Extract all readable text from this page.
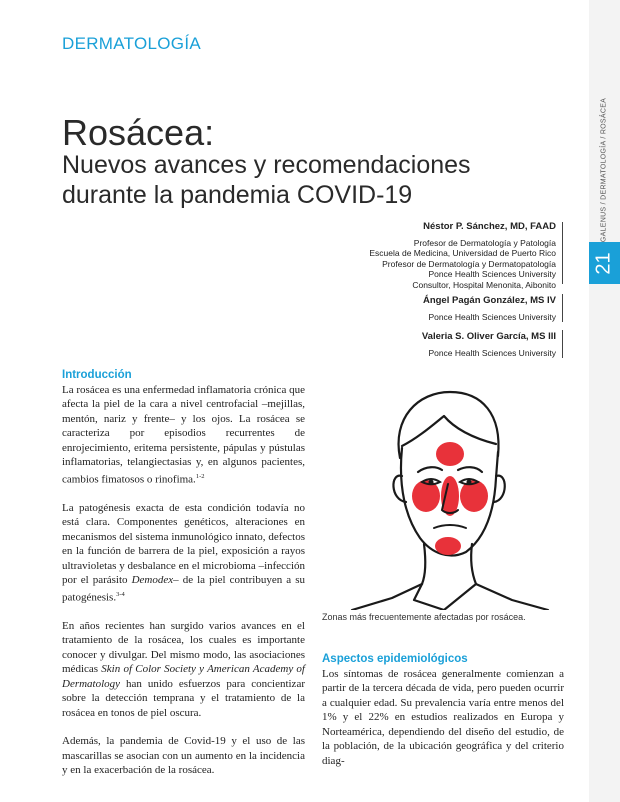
DERMATOLOGÍA
Rosácea:
Nuevos avances y recomendaciones durante la pandemia COVID-19
21
GALENUS / DERMATOLOGÍA / ROSÁCEA
Néstor P. Sánchez, MD, FAAD
Profesor de Dermatología y Patología
Escuela de Medicina, Universidad de Puerto Rico
Profesor de Dermatología y Dermatopatología
Ponce Health Sciences University
Consultor, Hospital Menonita, Aibonito
Ángel Pagán González, MS IV
Ponce Health Sciences University
Valeria S. Oliver García, MS III
Ponce Health Sciences University
Introducción

La rosácea es una enfermedad inflamatoria crónica que afecta la piel de la cara a nivel centrofacial –mejillas, mentón, nariz y frente– y los ojos. La rosácea se caracteriza por episodios recurrentes de enrojecimiento, eritema persistente, pápulas y pústulas inflamatorias, telangiectasias y, en algunos pacientes, cambios fimatosos o rinofima.$^{1-2}$

La patogénesis exacta de esta condición todavía no está clara. Componentes genéticos, alteraciones en mecanismos del sistema inmunológico innato, defectos en la función de barrera de la piel, exposición a rayos ultravioletas y desbalance en el microbioma –infección por el parásito Demodex– de la piel contribuyen a su patogénesis.$^{3-4}$

En años recientes han surgido varios avances en el tratamiento de la rosácea, los cuales es importante conocer y divulgar. Del mismo modo, las asociaciones médicas Skin of Color Society y American Academy of Dermatology han unido esfuerzos para concientizar sobre la detección temprana y el tratamiento de la rosácea en tonos de piel oscura.

Además, la pandemia de Covid-19 y el uso de las mascarillas se asocian con un aumento en la incidencia y en la exacerbación de la rosácea.

Zonas más frecuentemente afectadas por rosácea.
Aspectos epidemiológicos

Los síntomas de rosácea generalmente comienzan a partir de la tercera década de vida, pero pueden ocurrir a cualquier edad. Su prevalencia varía entre menos del 1% y el 22% en estudios realizados en Europa y Norteamérica, dependiendo del diseño del estudio, de la población, de la ubicación geográfica y del criterio diag-
